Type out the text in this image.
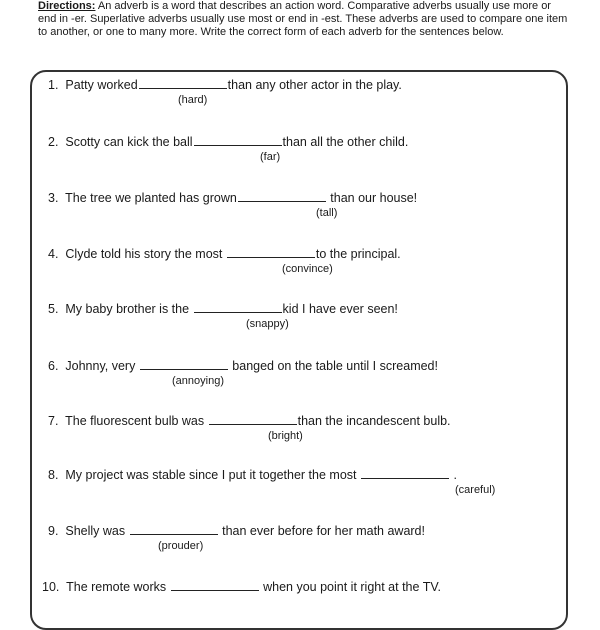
Directions: An adverb is a word that describes an action word. Comparative adverbs usually use more or end in -er. Superlative adverbs usually use most or end in -est. These adverbs are used to compare one item to another, or one to many more. Write the correct form of each adverb for the sentences below.
1. Patty worked	than any other actor in the play.
(hard)
2. Scotty can kick the ball	than all the other child.
(far)
3. The tree we planted has grown	than our house!
(tall)
4. Clyde told his story the most	to the principal.
(convince)
5. My baby brother is the	kid I have ever seen!
(snappy)
6. Johnny, very	banged on the table until I screamed!
(annoying)
7. The fluorescent bulb was	than the incandescent bulb.
(bright)
8. My project was stable since I put it together the most	.
(careful)
9. Shelly was	than ever before for her math award!
(prouder)
10. The remote works	when you point it right at the TV.
